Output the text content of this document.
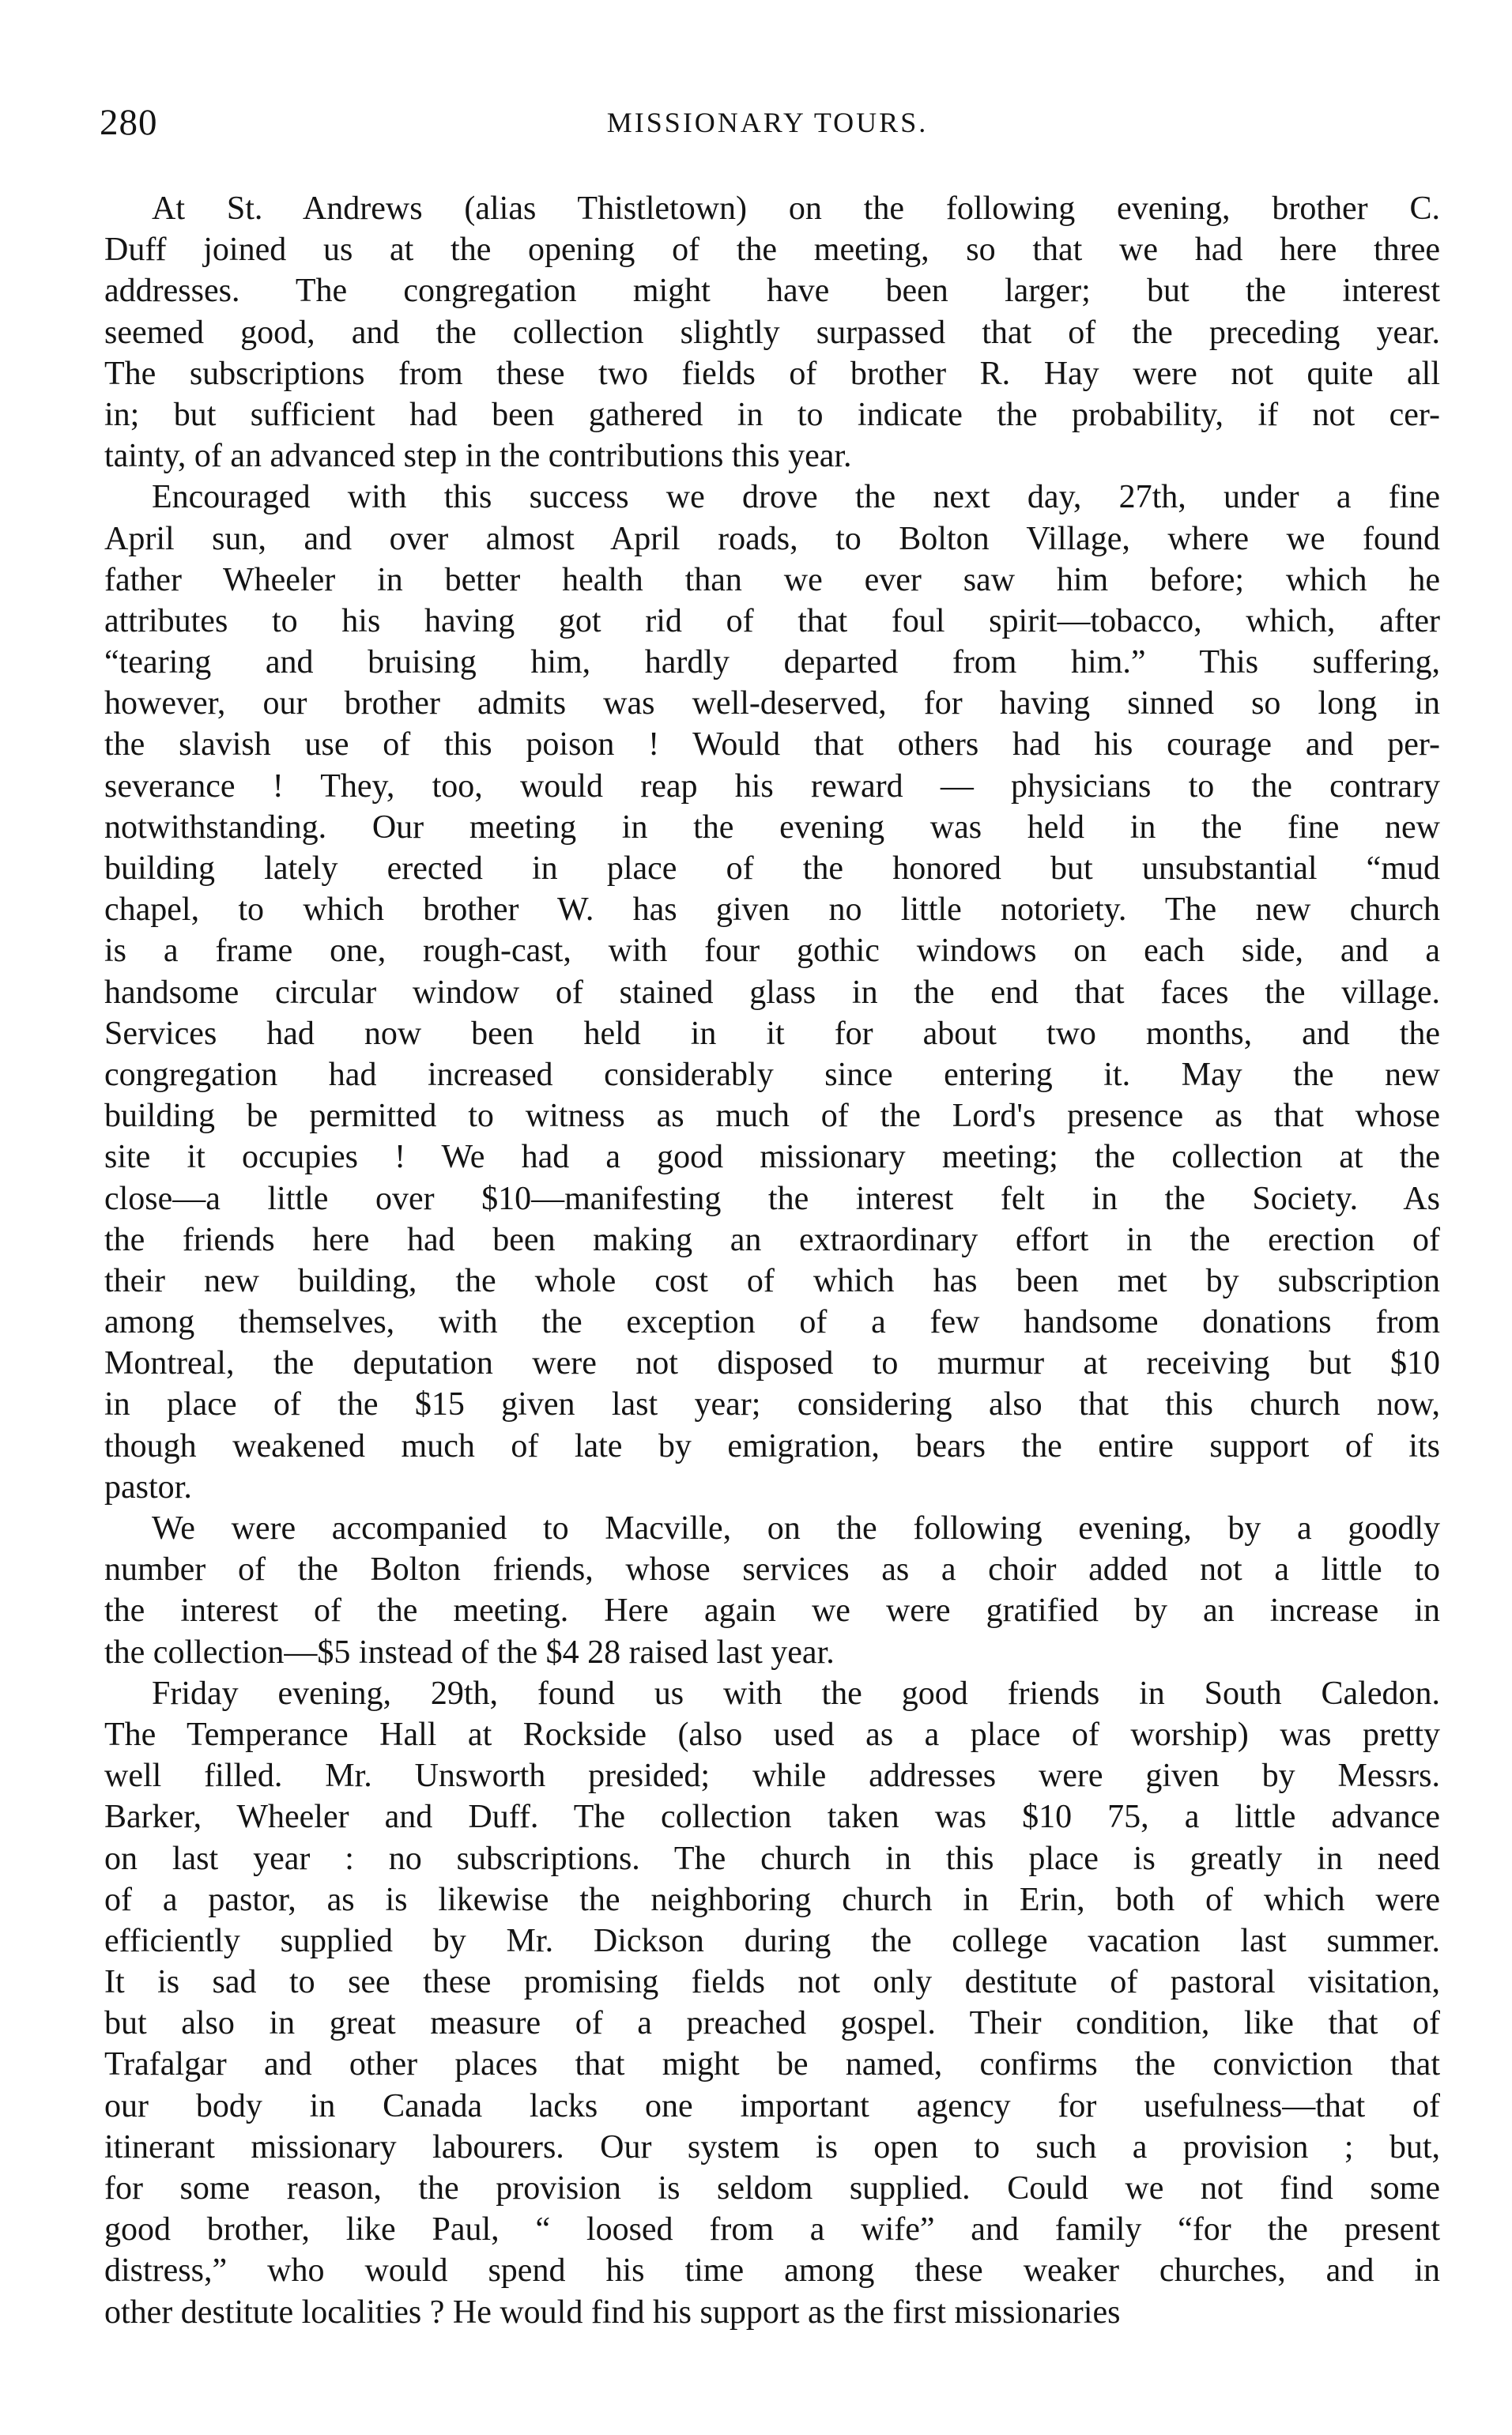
280	MISSIONARY TOURS.
At St. Andrews (alias Thistletown) on the following evening, brother C.
Duff joined us at the opening of the meeting, so that we had here three
addresses. The congregation might have been larger; but the interest
seemed good, and the collection slightly surpassed that of the preceding year.
The subscriptions from these two fields of brother R. Hay were not quite all
in; but sufficient had been gathered in to indicate the probability, if not cer-
tainty, of an advanced step in the contributions this year.
Encouraged with this success we drove the next day, 27th, under a fine
April sun, and over almost April roads, to Bolton Village, where we found
father Wheeler in better health than we ever saw him before; which he
attributes to his having got rid of that foul spirit—tobacco, which, after
“tearing and bruising him, hardly departed from him.” This suffering,
however, our brother admits was well-deserved, for having sinned so long in
the slavish use of this poison ! Would that others had his courage and per-
severance ! They, too, would reap his reward — physicians to the contrary
notwithstanding. Our meeting in the evening was held in the fine new
building lately erected in place of the honored but unsubstantial “mud
chapel, to which brother W. has given no little notoriety. The new church
is a frame one, rough-cast, with four gothic windows on each side, and a
handsome circular window of stained glass in the end that faces the village.
Services had now been held in it for about two months, and the
congregation had increased considerably since entering it. May the new
building be permitted to witness as much of the Lord's presence as that whose
site it occupies ! We had a good missionary meeting; the collection at the
close—a little over $10—manifesting the interest felt in the Society. As
the friends here had been making an extraordinary effort in the erection of
their new building, the whole cost of which has been met by subscription
among themselves, with the exception of a few handsome donations from
Montreal, the deputation were not disposed to murmur at receiving but $10
in place of the $15 given last year; considering also that this church now,
though weakened much of late by emigration, bears the entire support of its
pastor.
We were accompanied to Macville, on the following evening, by a goodly
number of the Bolton friends, whose services as a choir added not a little to
the interest of the meeting. Here again we were gratified by an increase in
the collection—$5 instead of the $4 28 raised last year.
Friday evening, 29th, found us with the good friends in South Caledon.
The Temperance Hall at Rockside (also used as a place of worship) was pretty
well filled. Mr. Unsworth presided; while addresses were given by Messrs.
Barker, Wheeler and Duff. The collection taken was $10 75, a little advance
on last year : no subscriptions. The church in this place is greatly in need
of a pastor, as is likewise the neighboring church in Erin, both of which were
efficiently supplied by Mr. Dickson during the college vacation last summer.
It is sad to see these promising fields not only destitute of pastoral visitation,
but also in great measure of a preached gospel. Their condition, like that of
Trafalgar and other places that might be named, confirms the conviction that
our body in Canada lacks one important agency for usefulness—that of
itinerant missionary labourers. Our system is open to such a provision ; but,
for some reason, the provision is seldom supplied. Could we not find some
good brother, like Paul, “ loosed from a wife” and family “for the present
distress,” who would spend his time among these weaker churches, and in
other destitute localities ? He would find his support as the first missionaries
